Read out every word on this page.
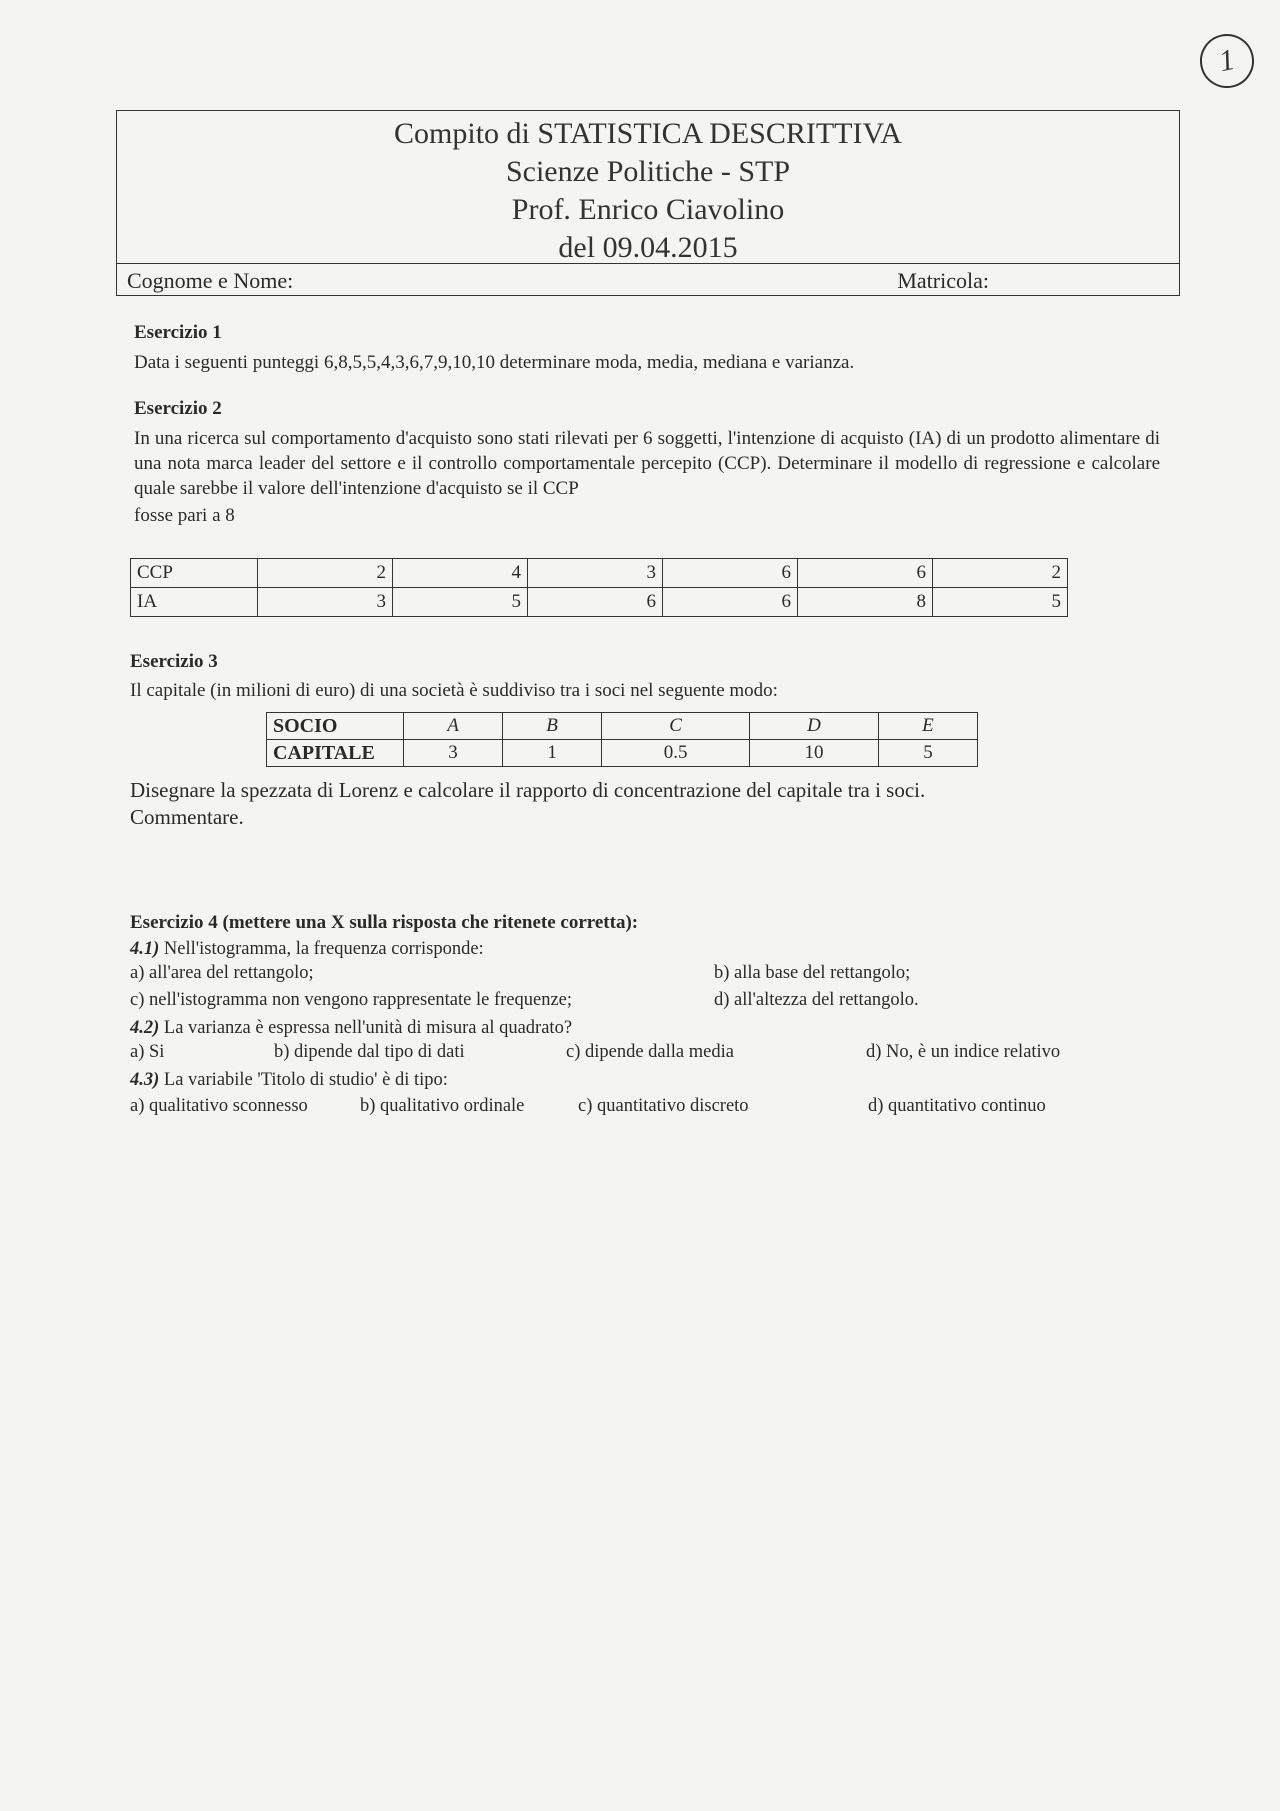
1
Compito di STATISTICA DESCRITTIVA
Scienze Politiche - STP
Prof. Enrico Ciavolino
del 09.04.2015
Cognome e Nome:	Matricola:
Esercizio 1
Data i seguenti punteggi 6,8,5,5,4,3,6,7,9,10,10 determinare moda, media, mediana e varianza.
Esercizio 2
In una ricerca sul comportamento d'acquisto sono stati rilevati per 6 soggetti, l'intenzione di acquisto (IA) di un prodotto alimentare di una nota marca leader del settore e il controllo comportamentale percepito (CCP). Determinare il modello di regressione e calcolare quale sarebbe il valore dell'intenzione d'acquisto se il CCP
fosse pari a 8
CCP	2	4	3	6	6	2
IA	3	5	6	6	8	5
Esercizio 3
Il capitale (in milioni di euro) di una società è suddiviso tra i soci nel seguente modo:
SOCIO	A	B	C	D	E
CAPITALE	3	1	0.5	10	5
Disegnare la spezzata di Lorenz e calcolare il rapporto di concentrazione del capitale tra i soci.
Commentare.
Esercizio 4 (mettere una X sulla risposta che ritenete corretta):
4.1) Nell'istogramma, la frequenza corrisponde:
a) all'area del rettangolo;	b) alla base del rettangolo;
c) nell'istogramma non vengono rappresentate le frequenze;	d) all'altezza del rettangolo.
4.2) La varianza è espressa nell'unità di misura al quadrato?
a) Si	b) dipende dal tipo di dati	c) dipende dalla media	d) No, è un indice relativo
4.3) La variabile 'Titolo di studio' è di tipo:
a) qualitativo sconnesso	b) qualitativo ordinale	c) quantitativo discreto	d) quantitativo continuo
